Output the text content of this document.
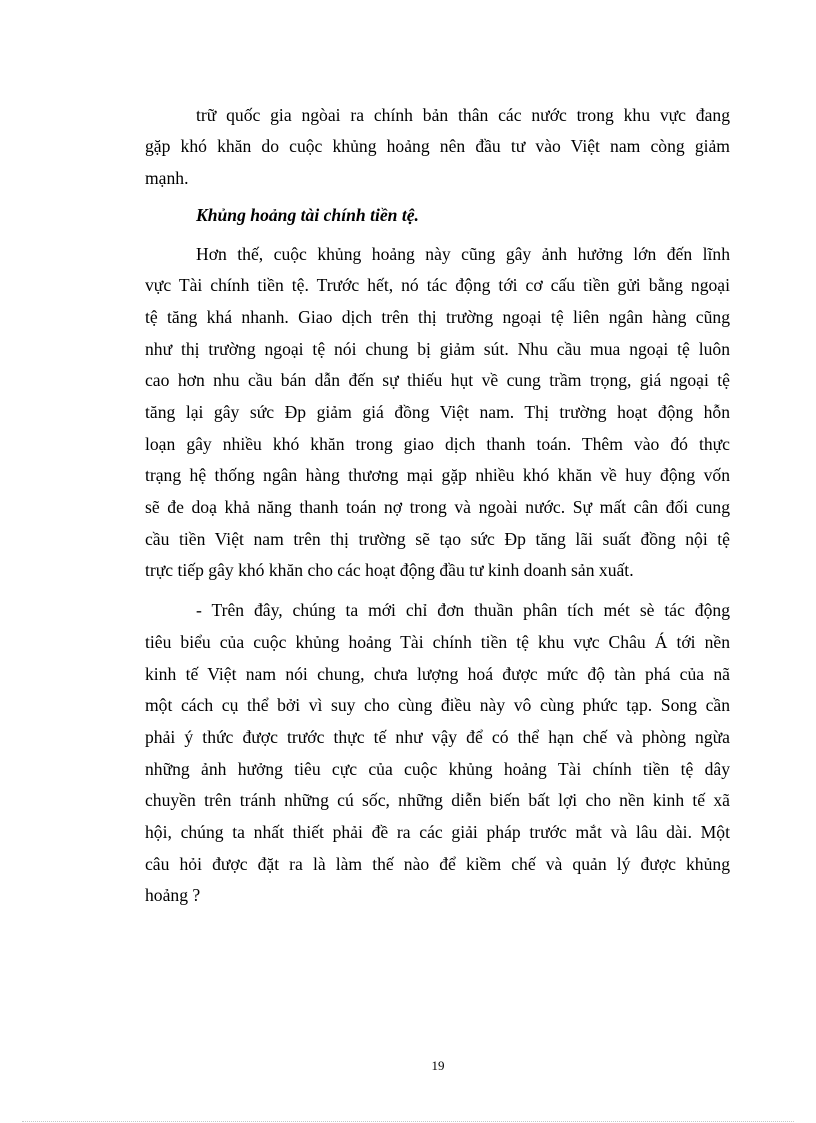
trữ quốc gia ngòai ra chính bản thân các nước trong khu vực đang
gặp khó khăn do cuộc khủng hoảng nên đầu tư vào Việt nam còng giảm
mạnh.
Khủng hoảng tài chính tiền tệ.
Hơn thế, cuộc khủng hoảng này cũng gây ảnh hưởng lớn đến lĩnh
vực Tài chính tiền tệ. Trước hết, nó tác động tới cơ cấu tiền gửi bằng ngoại
tệ tăng khá nhanh. Giao dịch trên thị trường ngoại tệ liên ngân hàng cũng
như thị trường ngoại tệ nói chung bị giảm sút. Nhu cầu mua ngoại tệ luôn
cao hơn nhu cầu bán dẫn đến sự thiếu hụt về cung trầm trọng, giá ngoại tệ
tăng lại gây sức Ðp giảm giá đồng Việt nam. Thị trường hoạt động hỗn
loạn gây nhiều khó khăn trong giao dịch thanh toán. Thêm vào đó thực
trạng hệ thống ngân hàng thương mại gặp nhiều khó khăn về huy động vốn
sẽ đe doạ khả năng thanh toán nợ trong và ngoài nước. Sự mất cân đối cung
cầu tiền Việt nam trên thị trường sẽ tạo sức Ðp tăng lãi suất đồng nội tệ
trực tiếp gây khó khăn cho các hoạt động đầu tư kinh doanh sản xuất.
- Trên đây, chúng ta mới chỉ đơn thuần phân tích mét sè tác động
tiêu biểu của cuộc khủng hoảng Tài chính tiền tệ khu vực Châu Á tới nền
kinh tế Việt nam nói chung, chưa lượng hoá được mức độ tàn phá của nã
một cách cụ thể bởi vì suy cho cùng điều này vô cùng phức tạp. Song cần
phải ý thức được trước thực tế như vậy để có thể hạn chế và phòng ngừa
những ảnh hưởng tiêu cực của cuộc khủng hoảng Tài chính tiền tệ dây
chuyền trên tránh những cú sốc, những diễn biến bất lợi cho nền kinh tế xã
hội, chúng ta nhất thiết phải đề ra các giải pháp trước mắt và lâu dài. Một
câu hỏi được đặt ra là làm thế nào để kiềm chế và quản lý được khủng
hoảng ?
19
